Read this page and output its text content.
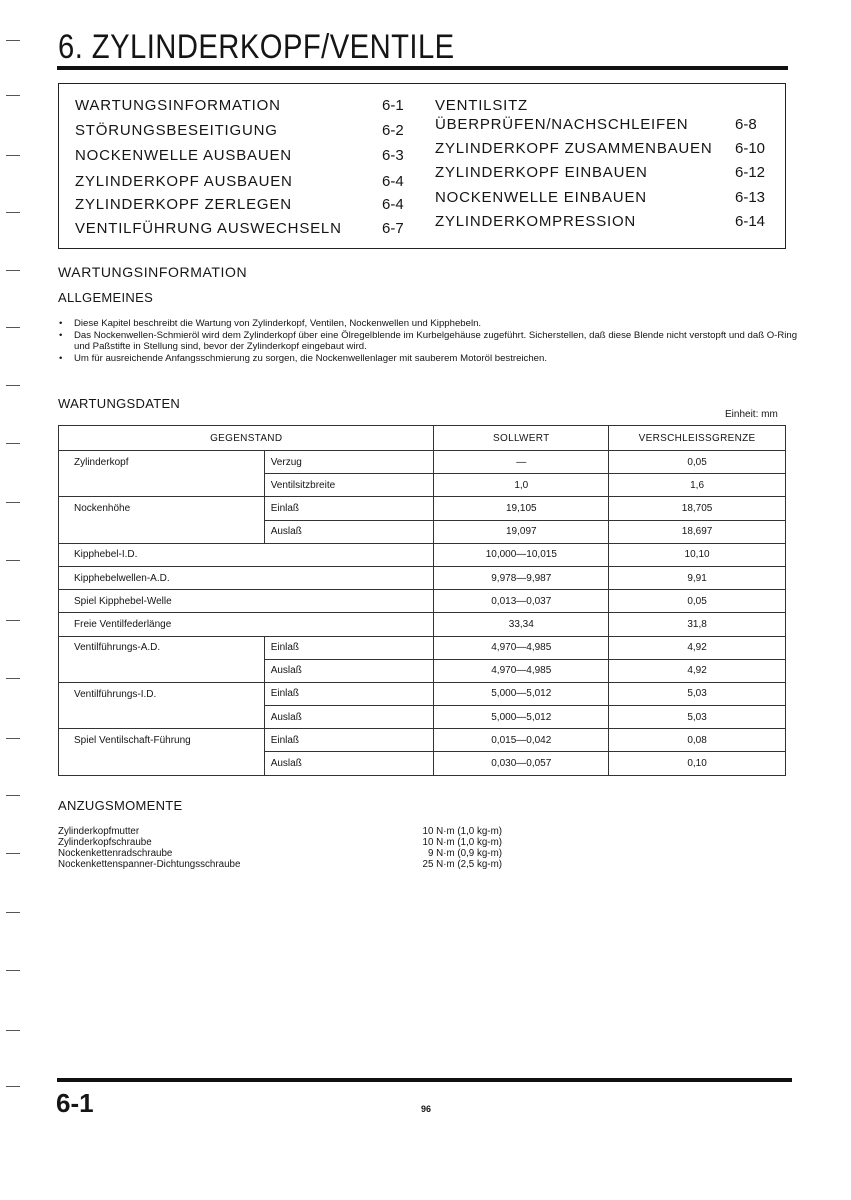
6. ZYLINDERKOPF/VENTILE
WARTUNGSINFORMATION	6-1
STÖRUNGSBESEITIGUNG	6-2
NOCKENWELLE AUSBAUEN	6-3
ZYLINDERKOPF AUSBAUEN	6-4
ZYLINDERKOPF ZERLEGEN	6-4
VENTILFÜHRUNG AUSWECHSELN	6-7
VENTILSITZ
ÜBERPRÜFEN/NACHSCHLEIFEN	6-8
ZYLINDERKOPF ZUSAMMENBAUEN 6-10
ZYLINDERKOPF EINBAUEN	6-12
NOCKENWELLE EINBAUEN	6-13
ZYLINDERKOMPRESSION	6-14
WARTUNGSINFORMATION
ALLGEMEINES
• Diese Kapitel beschreibt die Wartung von Zylinderkopf, Ventilen, Nockenwellen und Kipphebeln.
• Das Nockenwellen-Schmieröl wird dem Zylinderkopf über eine Ölregelblende im Kurbelgehäuse zugeführt. Sicherstellen, daß diese Blende nicht verstopft und daß O-Ring und Paßstifte in Stellung sind, bevor der Zylinderkopf eingebaut wird.
• Um für ausreichende Anfangsschmierung zu sorgen, die Nockenwellenlager mit sauberem Motoröl bestreichen.
WARTUNGSDATEN
Einheit: mm
GEGENSTAND		SOLLWERT	VERSCHLEISSGRENZE
Zylinderkopf	Verzug	—	0,05
	Ventilsitzbreite	1,0	1,6
Nockenhöhe	Einlaß	19,105	18,705
	Auslaß	19,097	18,697
Kipphebel-I.D.		10,000—10,015	10,10
Kipphebelwellen-A.D.		9,978—9,987	9,91
Spiel Kipphebel-Welle		0,013—0,037	0,05
Freie Ventilfederlänge		33,34	31,8
Ventilführungs-A.D.	Einlaß	4,970—4,985	4,92
	Auslaß	4,970—4,985	4,92
Ventilführungs-I.D.	Einlaß	5,000—5,012	5,03
	Auslaß	5,000—5,012	5,03
Spiel Ventilschaft-Führung	Einlaß	0,015—0,042	0,08
	Auslaß	0,030—0,057	0,10
ANZUGSMOMENTE
Zylinderkopfmutter	10 N·m (1,0 kg-m)
Zylinderkopfschraube	10 N·m (1,0 kg-m)
Nockenkettenradschraube	9 N·m (0,9 kg-m)
Nockenkettenspanner-Dichtungsschraube	25 N·m (2,5 kg-m)
6-1	96
